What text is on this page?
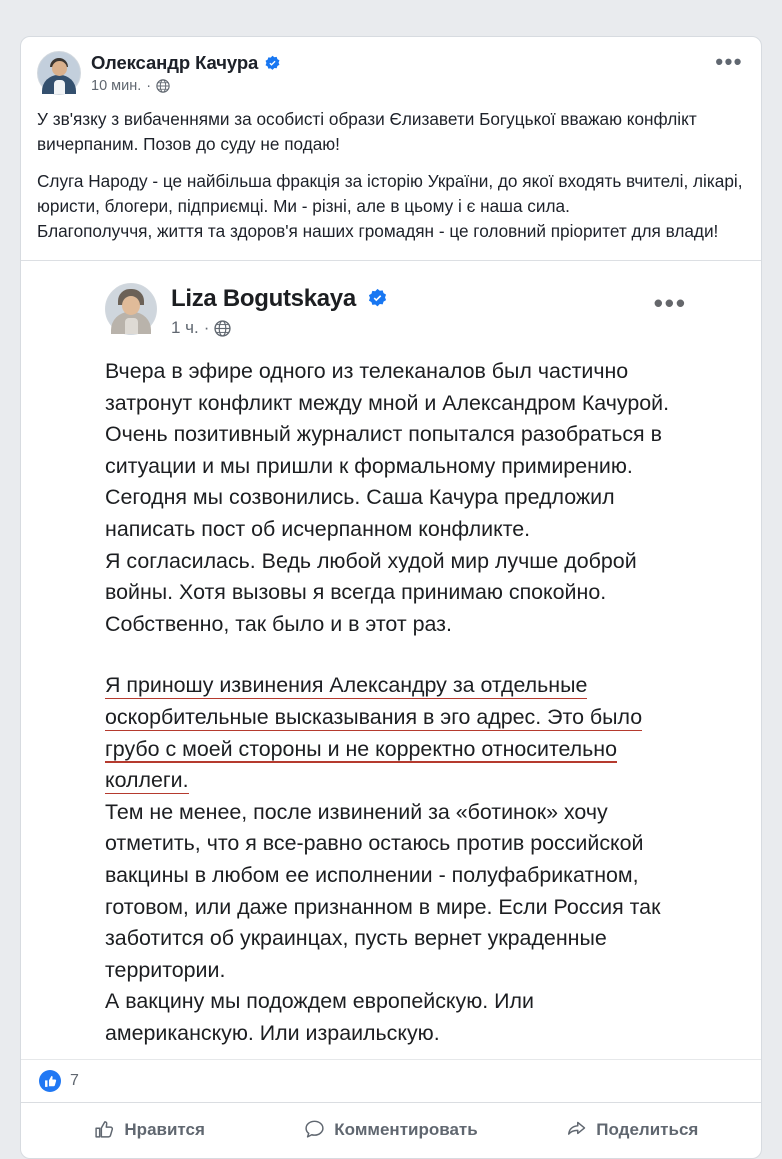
Олександр Качура
10 мин. ·
•••

У зв'язку з вибаченнями за особисті образи Єлизавети Богуцької вважаю конфлікт вичерпаним. Позов до суду не подаю!

Слуга Народу - це найбільша фракція за історію України, до якої входять вчителі, лікарі, юристи, блогери, підприємці. Ми - різні, але в цьому і є наша сила.

Благополуччя, життя та здоров'я наших громадян - це головний пріоритет для влади!

Liza Bogutskaya
1 ч. ·
•••

Вчера в эфире одного из телеканалов был частично затронут конфликт между мной и Александром Качурой. Очень позитивный журналист попытался разобраться в ситуации и мы пришли к формальному примирению. Сегодня мы созвонились. Саша Качура предложил написать пост об исчерпанном конфликте.

Я согласилась. Ведь любой худой мир лучше доброй войны. Хотя вызовы я всегда принимаю спокойно. Собственно, так было и в этот раз.

Я приношу извинения Александру за отдельные оскорбительные высказывания в эго адрес. Это было грубо с моей стороны и не корректно относительно коллеги.

Тем не менее, после извинений за «ботинок» хочу отметить, что я все-равно остаюсь против российской вакцины в любом ее исполнении - полуфабрикатном, готовом, или даже признанном в мире. Если Россия так заботится об украинцах, пусть вернет украденные территории.

А вакцину мы подождем европейскую. Или американскую. Или израильскую.

7
Нравится	Комментировать	Поделиться
